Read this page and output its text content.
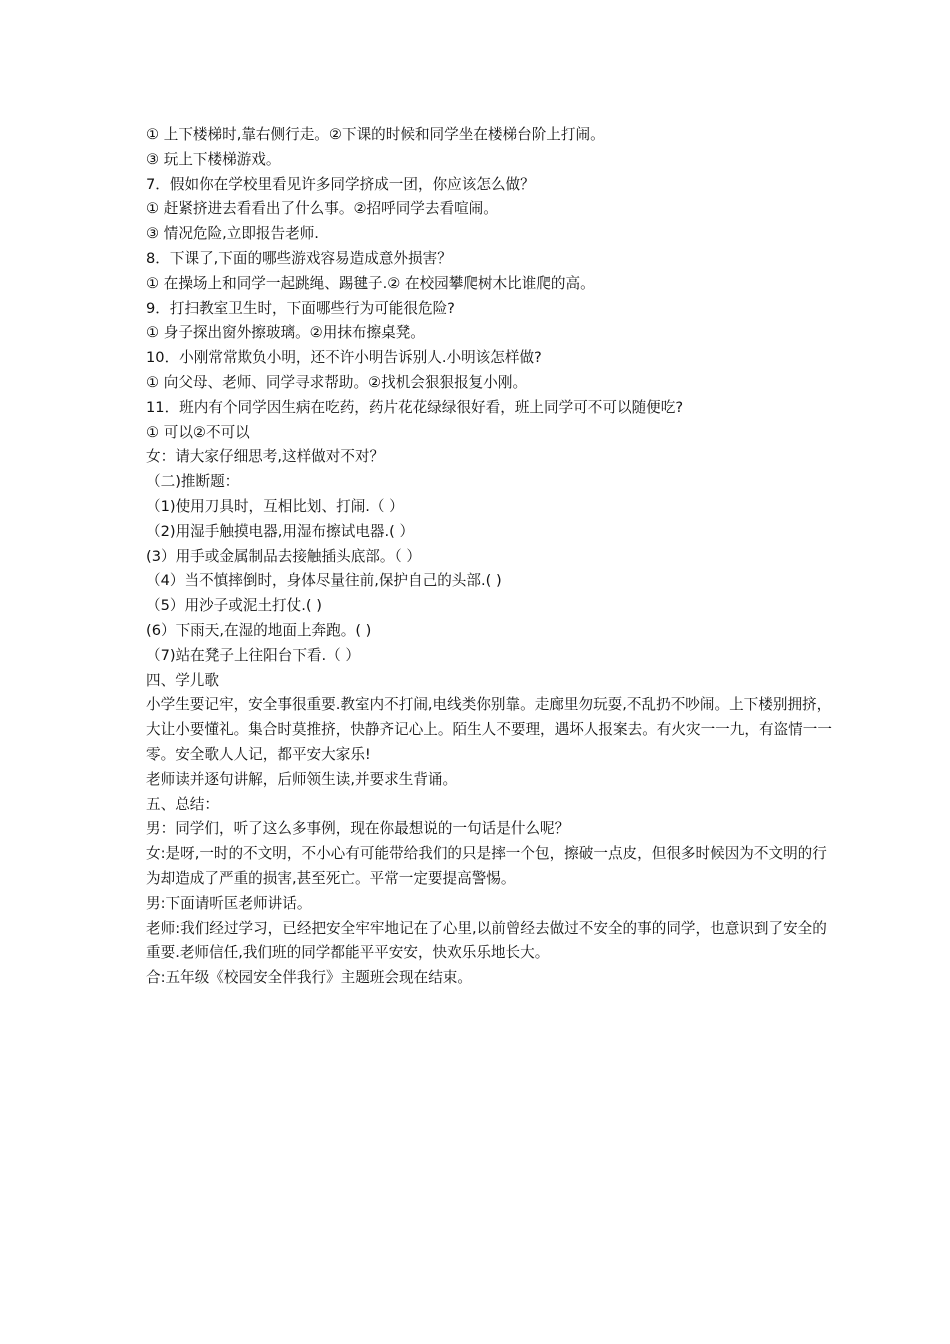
① 上下楼梯时,靠右侧行走。②下课的时候和同学坐在楼梯台阶上打闹。

③ 玩上下楼梯游戏。

7．假如你在学校里看见许多同学挤成一团，你应该怎么做？

① 赶紧挤进去看看出了什么事。②招呼同学去看喧闹。

③ 情况危险,立即报告老师.

8．下课了,下面的哪些游戏容易造成意外损害？

① 在操场上和同学一起跳绳、踢毽子.② 在校园攀爬树木比谁爬的高。

9．打扫教室卫生时，下面哪些行为可能很危险?

① 身子探出窗外擦玻璃。②用抹布擦桌凳。

10．小刚常常欺负小明，还不许小明告诉别人.小明该怎样做?

① 向父母、老师、同学寻求帮助。②找机会狠狠报复小刚。

11．班内有个同学因生病在吃药，药片花花绿绿很好看，班上同学可不可以随便吃?

① 可以②不可以

女：请大家仔细思考,这样做对不对？

（二)推断题：

（1)使用刀具时，互相比划、打闹.（ ）

（2)用湿手触摸电器,用湿布擦试电器.( ）

(3）用手或金属制品去接触插头底部。（ ）

（4）当不慎摔倒时，身体尽量往前,保护自己的头部.( )

（5）用沙子或泥土打仗.( )

(6）下雨天,在湿的地面上奔跑。( )

（7)站在凳子上往阳台下看.（ ）

四、学儿歌

小学生要记牢，安全事很重要.教室内不打闹,电线类你别靠。走廊里勿玩耍,不乱扔不吵闹。上下楼别拥挤，大让小要懂礼。集合时莫推挤，快静齐记心上。陌生人不要理，遇坏人报案去。有火灾一一九，有盗情一一零。安全歌人人记，都平安大家乐!

老师读并逐句讲解，后师领生读,并要求生背诵。

五、总结：

男：同学们，听了这么多事例，现在你最想说的一句话是什么呢？

女:是呀,一时的不文明，不小心有可能带给我们的只是摔一个包，擦破一点皮，但很多时候因为不文明的行为却造成了严重的损害,甚至死亡。平常一定要提高警惕。

男:下面请听匡老师讲话。

老师:我们经过学习，已经把安全牢牢地记在了心里,以前曾经去做过不安全的事的同学，也意识到了安全的重要.老师信任,我们班的同学都能平平安安，快欢乐乐地长大。

合:五年级《校园安全伴我行》主题班会现在结束。
